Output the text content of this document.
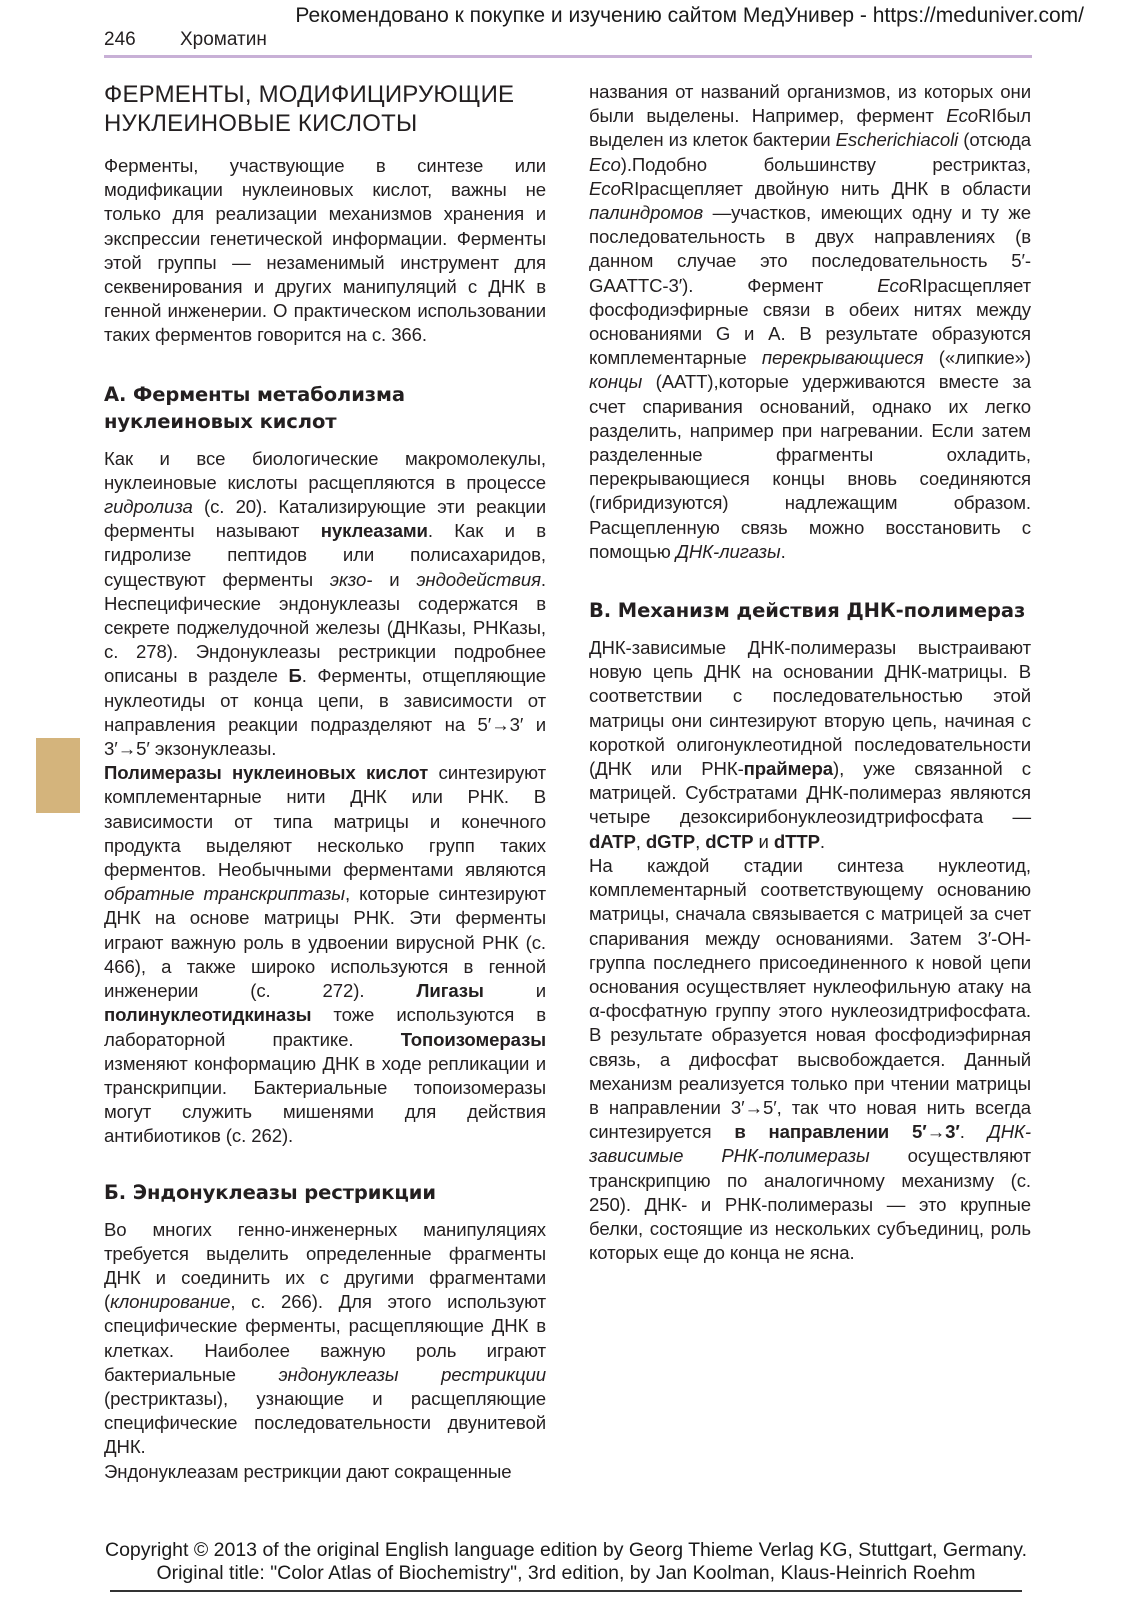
Рекомендовано к покупке и изучению сайтом МедУнивер - https://meduniver.com/
246 Хроматин
ФЕРМЕНТЫ, МОДИФИЦИРУЮЩИЕ
НУКЛЕИНОВЫЕ КИСЛОТЫ

Ферменты, участвующие в синтезе или модификации нуклеиновых кислот, важны не только для реализации механизмов хранения и экспрессии генетической информации. Ферменты этой группы — незаменимый инструмент для секвенирования и других манипуляций с ДНК в генной инженерии. О практическом использовании таких ферментов говорится на с. 366.

А. Ферменты метаболизма
нуклеиновых кислот

Как и все биологические макромолекулы, нуклеиновые кислоты расщепляются в процессе гидролиза (с. 20). Катализирующие эти реакции ферменты называют нуклеазами. Как и в гидролизе пептидов или полисахаридов, существуют ферменты экзо- и эндодействия. Неспецифические эндонуклеазы содержатся в секрете поджелудочной железы (ДНКазы, РНКазы, с. 278). Эндонуклеазы рестрикции подробнее описаны в разделе Б. Ферменты, отщепляющие нуклеотиды от конца цепи, в зависимости от направления реакции подразделяют на 5′→3′ и 3′→5′ экзонуклеазы.

Полимеразы нуклеиновых кислот синтезируют комплементарные нити ДНК или РНК. В зависимости от типа матрицы и конечного продукта выделяют несколько групп таких ферментов. Необычными ферментами являются обратные транскриптазы, которые синтезируют ДНК на основе матрицы РНК. Эти ферменты играют важную роль в удвоении вирусной РНК (с. 466), а также широко используются в генной инженерии (с. 272). Лигазы и полинуклеотидкиназы тоже используются в лабораторной практике. Топоизомеразы изменяют конформацию ДНК в ходе репликации и транскрипции. Бактериальные топоизомеразы могут служить мишенями для действия антибиотиков (с. 262).

Б. Эндонуклеазы рестрикции

Во многих генно-инженерных манипуляциях требуется выделить определенные фрагменты ДНК и соединить их с другими фрагментами (клонирование, с. 266). Для этого используют специфические ферменты, расщепляющие ДНК в клетках. Наиболее важную роль играют бактериальные эндонуклеазы рестрикции (рестриктазы), узнающие и расщепляющие специфические последовательности двунитевой ДНК.

Эндонуклеазам рестрикции дают сокращенные

названия от названий организмов, из которых они были выделены. Например, фермент EcoRIбыл выделен из клеток бактерии Escherichiacoli (отсюда Eco).Подобно большинству рестриктаз, EcoRIрасщепляет двойную нить ДНК в области палиндромов —участков, имеющих одну и ту же последовательность в двух направлениях (в данном случае это последовательность 5′-GAATTC-3′). Фермент EcoRIрасщепляет фосфодиэфирные связи в обеих нитях между основаниями G и A. В результате образуются комплементарные перекрывающиеся («липкие») концы (AATT),которые удерживаются вместе за счет спаривания оснований, однако их легко разделить, например при нагревании. Если затем разделенные фрагменты охладить, перекрывающиеся концы вновь соединяются (гибридизуются) надлежащим образом. Расщепленную связь можно восстановить с помощью ДНК-лигазы.

В. Механизм действия ДНК-полимераз

ДНК-зависимые ДНК-полимеразы выстраивают новую цепь ДНК на основании ДНК-матрицы. В соответствии с последовательностью этой матрицы они синтезируют вторую цепь, начиная с короткой олигонуклеотидной последовательности (ДНК или РНК-праймера), уже связанной с матрицей. Субстратами ДНК-полимераз являются четыре дезоксирибонуклеозидтрифосфата — dATP, dGTP, dCTP и dTTP.

На каждой стадии синтеза нуклеотид, комплементарный соответствующему основанию матрицы, сначала связывается с матрицей за счет спаривания между основаниями. Затем 3′-OH-группа последнего присоединенного к новой цепи основания осуществляет нуклеофильную атаку на α-фосфатную группу этого нуклеозидтрифосфата. В результате образуется новая фосфодиэфирная связь, а дифосфат высвобождается. Данный механизм реализуется только при чтении матрицы в направлении 3′→5′, так что новая нить всегда синтезируется в направлении 5′→3′. ДНК-зависимые РНК-полимеразы осуществляют транскрипцию по аналогичному механизму (с. 250). ДНК- и РНК-полимеразы — это крупные белки, состоящие из нескольких субъединиц, роль которых еще до конца не ясна.

Copyright © 2013 of the original English language edition by Georg Thieme Verlag KG, Stuttgart, Germany.
Original title: "Color Atlas of Biochemistry", 3rd edition, by Jan Koolman, Klaus-Heinrich Roehm
